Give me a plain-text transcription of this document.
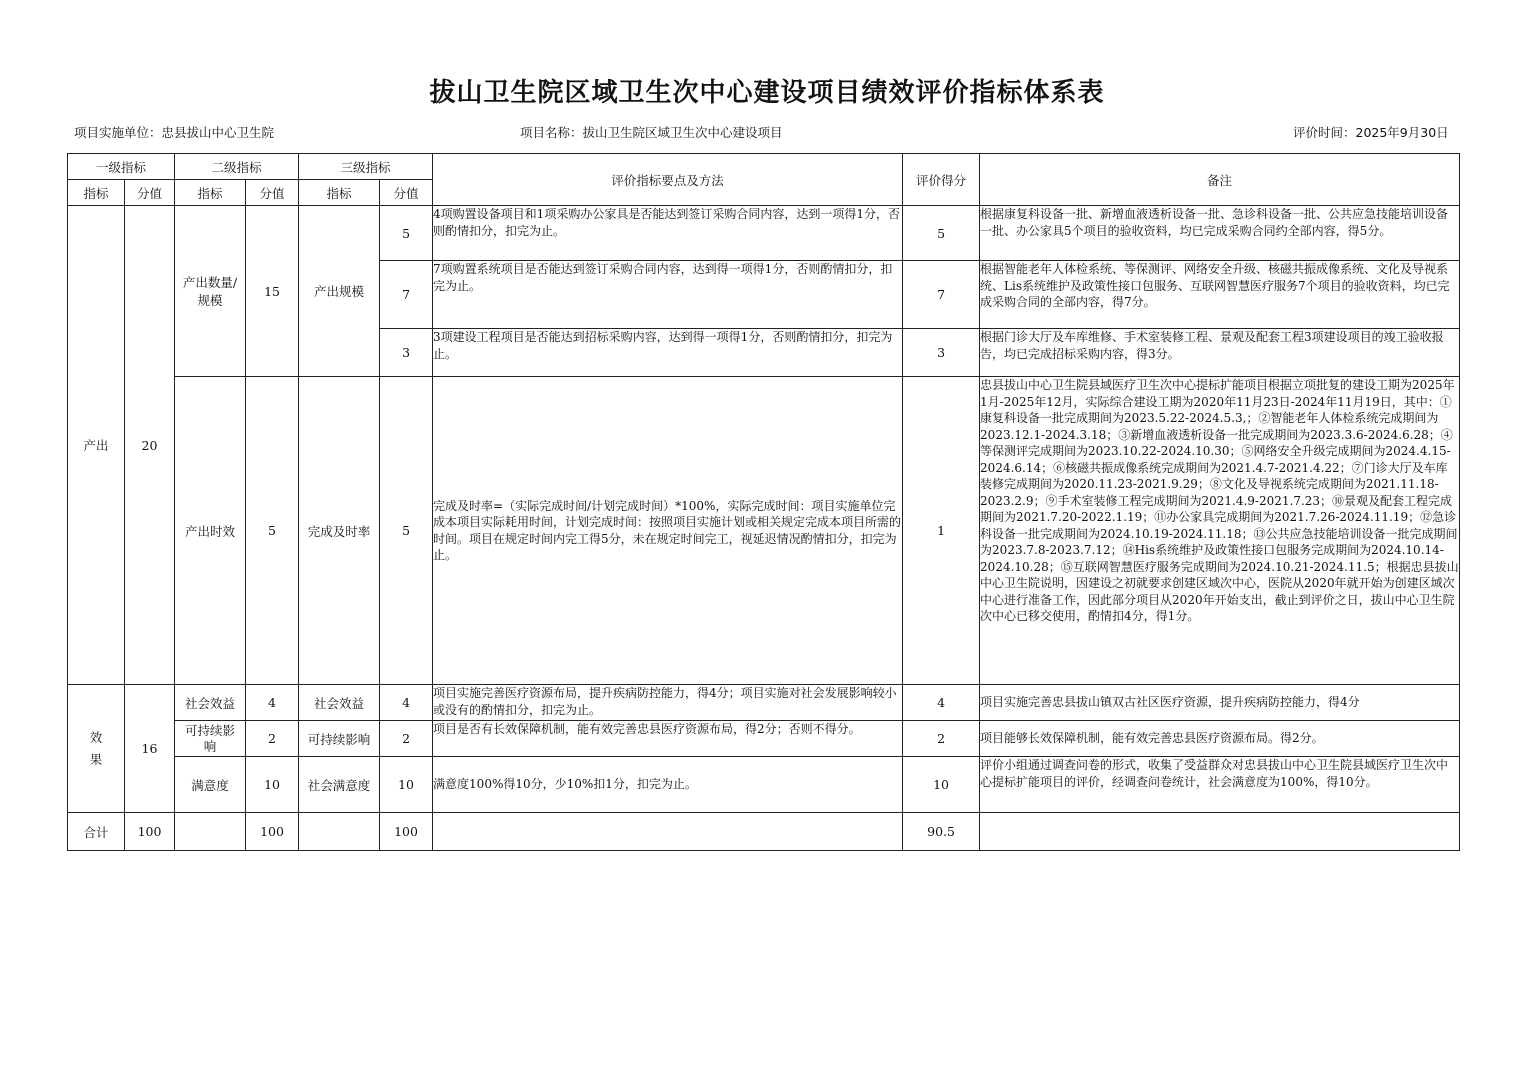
拔山卫生院区域卫生次中心建设项目绩效评价指标体系表
项目实施单位：忠县拔山中心卫生院	项目名称：拔山卫生院区域卫生次中心建设项目	评价时间：2025年9月30日
一级指标		二级指标		三级指标		评价指标要点及方法	评价得分	备注
指标	分值	指标	分值	指标	分值			
产出	20	产出数量/规模	15	产出规模	5	4项购置设备项目和1项采购办公家具是否能达到签订采购合同内容，达到一项得1分，否则酌情扣分，扣完为止。	5	根据康复科设备一批、新增血液透析设备一批、急诊科设备一批、公共应急技能培训设备一批、办公家具5个项目的验收资料，均已完成采购合同约全部内容，得5分。
					7	7项购置系统项目是否能达到签订采购合同内容，达到得一项得1分，否则酌情扣分，扣完为止。	7	根据智能老年人体检系统、等保测评、网络安全升级、核磁共振成像系统、文化及导视系统、Lis系统维护及政策性接口包服务、互联网智慧医疗服务7个项目的验收资料，均已完成采购合同的全部内容，得7分。
					3	3项建设工程项目是否能达到招标采购内容，达到得一项得1分，否则酌情扣分，扣完为止。	3	根据门诊大厅及车库维修、手术室装修工程、景观及配套工程3项建设项目的竣工验收报告，均已完成招标采购内容，得3分。
		产出时效	5	完成及时率	5	完成及时率=（实际完成时间/计划完成时间）*100%，实际完成时间：项目实施单位完成本项目实际耗用时间，计划完成时间：按照项目实施计划或相关规定完成本项目所需的时间。项目在规定时间内完工得5分，未在规定时间完工，视延迟情况酌情扣分，扣完为止。	1	忠县拔山中心卫生院县域医疗卫生次中心提标扩能项目根据立项批复的建设工期为2025年1月-2025年12月，实际综合建设工期为2020年11月23日-2024年11月19日，其中：①康复科设备一批完成期间为2023.5.22-2024.5.3,；②智能老年人体检系统完成期间为2023.12.1-2024.3.18；③新增血液透析设备一批完成期间为2023.3.6-2024.6.28；④等保测评完成期间为2023.10.22-2024.10.30；⑤网络安全升级完成期间为2024.4.15-2024.6.14；⑥核磁共振成像系统完成期间为2021.4.7-2021.4.22；⑦门诊大厅及车库装修完成期间为2020.11.23-2021.9.29；⑧文化及导视系统完成期间为2021.11.18-2023.2.9；⑨手术室装修工程完成期间为2021.4.9-2021.7.23；⑩景观及配套工程完成期间为2021.7.20-2022.1.19；⑪办公家具完成期间为2021.7.26-2024.11.19；⑫急诊科设备一批完成期间为2024.10.19-2024.11.18；⑬公共应急技能培训设备一批完成期间为2023.7.8-2023.7.12；⑭His系统维护及政策性接口包服务完成期间为2024.10.14-2024.10.28；⑮互联网智慧医疗服务完成期间为2024.10.21-2024.11.5；根据忠县拔山中心卫生院说明，因建设之初就要求创建区域次中心，医院从2020年就开始为创建区域次中心进行准备工作，因此部分项目从2020年开始支出，截止到评价之日，拔山中心卫生院次中心已移交使用，酌情扣4分，得1分。
效果	16	社会效益	4	社会效益	4	项目实施完善医疗资源布局，提升疾病防控能力，得4分；项目实施对社会发展影响较小或没有的酌情扣分，扣完为止。	4	项目实施完善忠县拔山镇双古社区医疗资源，提升疾病防控能力，得4分
		可持续影响	2	可持续影响	2	项目是否有长效保障机制，能有效完善忠县医疗资源布局，得2分；否则不得分。	2	项目能够长效保障机制，能有效完善忠县医疗资源布局。得2分。
		满意度	10	社会满意度	10	满意度100%得10分，少10%扣1分，扣完为止。	10	评价小组通过调查问卷的形式，收集了受益群众对忠县拔山中心卫生院县域医疗卫生次中心提标扩能项目的评价，经调查问卷统计，社会满意度为100%，得10分。
合计	100		100		100		90.5	
